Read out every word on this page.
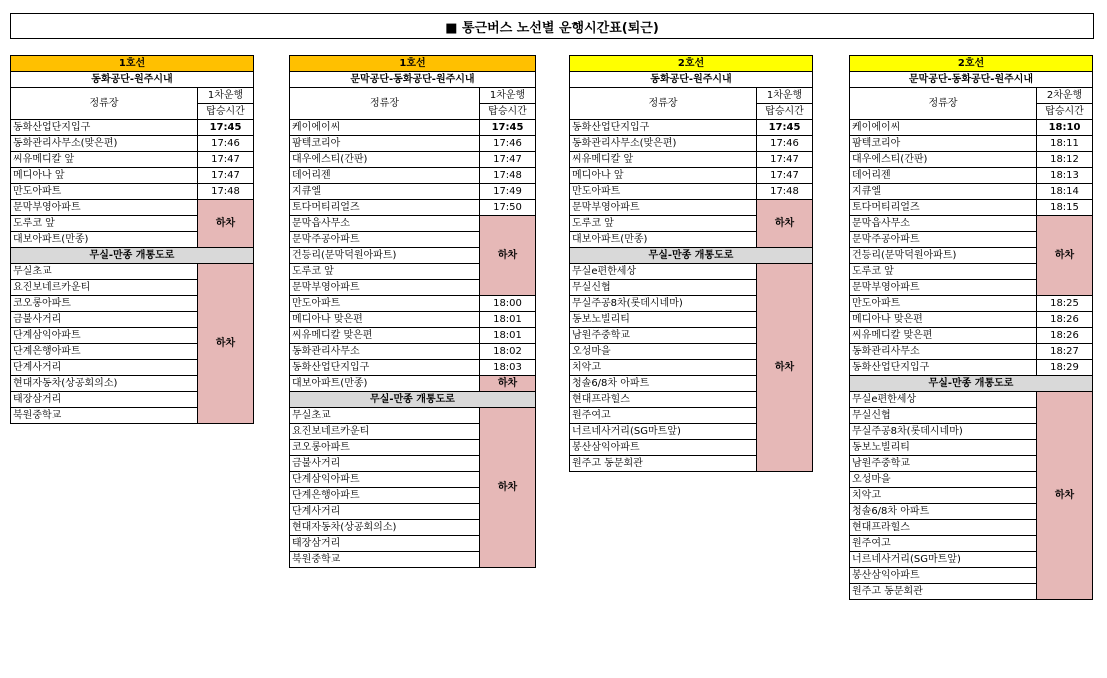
■ 통근버스 노선별 운행시간표(퇴근)
1호선	
동화공단-원주시내	
정류장	1차운행
	탑승시간
동화산업단지입구	17:45
동화관리사무소(맞은편)	17:46
씨유메디칼 앞	17:47
메디아나 앞	17:47
만도아파트	17:48
문막부영아파트	하차
도루코 앞	
대보아파트(만종)	
무실-만종 개통도로	
무실초교	하차
요진보네르카운티	
코오롱아파트	
금불사거리	
단계삼익아파트	
단계은행아파트	
단계사거리	
현대자동차(상공회의소)	
태장삼거리	
북원중학교	
1호선	
문막공단-동화공단-원주시내	
정류장	1차운행
	탑승시간
케이에이씨	17:45
팜텍코리아	17:46
대우에스티(간판)	17:47
데어리젠	17:48
지큐엘	17:49
토다머티리얼즈	17:50
문막읍사무소	하차
문막주공아파트	
건등리(문막덕원아파트)	
도루코 앞	
문막부영아파트	
만도아파트	18:00
메디아나 맞은편	18:01
씨유메디칼 맞은편	18:01
동화관리사무소	18:02
동화산업단지입구	18:03
대보아파트(만종)	하차
무실-만종 개통도로	
무실초교	하차
요진보네르카운티	
코오롱아파트	
금불사거리	
단계삼익아파트	
단계은행아파트	
단계사거리	
현대자동차(상공회의소)	
태장삼거리	
북원중학교	
2호선	
동화공단-원주시내	
정류장	1차운행
	탑승시간
동화산업단지입구	17:45
동화관리사무소(맞은편)	17:46
씨유메디칼 앞	17:47
메디아나 앞	17:47
만도아파트	17:48
문막부영아파트	하차
도루코 앞	
대보아파트(만종)	
무실-만종 개통도로	
무실e편한세상	하차
무실신협	
무실주공8차(롯데시네마)	
동보노빌리티	
남원주중학교	
오성마을	
치악고	
청솔6/8차 아파트	
현대프라힐스	
원주여고	
너르네사거리(SG마트앞)	
봉산삼익아파트	
원주고 동문회관	
2호선	
문막공단-동화공단-원주시내	
정류장	2차운행
	탑승시간
케이에이씨	18:10
팜텍코리아	18:11
대우에스티(간판)	18:12
데어리젠	18:13
지큐엘	18:14
토다머티리얼즈	18:15
문막읍사무소	하차
문막주공아파트	
건등리(문막덕원아파트)	
도루코 앞	
문막부영아파트	
만도아파트	18:25
메디아나 맞은편	18:26
씨유메디칼 맞은편	18:26
동화관리사무소	18:27
동화산업단지입구	18:29
무실-만종 개통도로	
무실e편한세상	하차
무실신협	
무실주공8차(롯데시네마)	
동보노빌리티	
남원주중학교	
오성마을	
치악고	
청솔6/8차 아파트	
현대프라힐스	
원주여고	
너르네사거리(SG마트앞)	
봉산삼익아파트	
원주고 동문회관	
